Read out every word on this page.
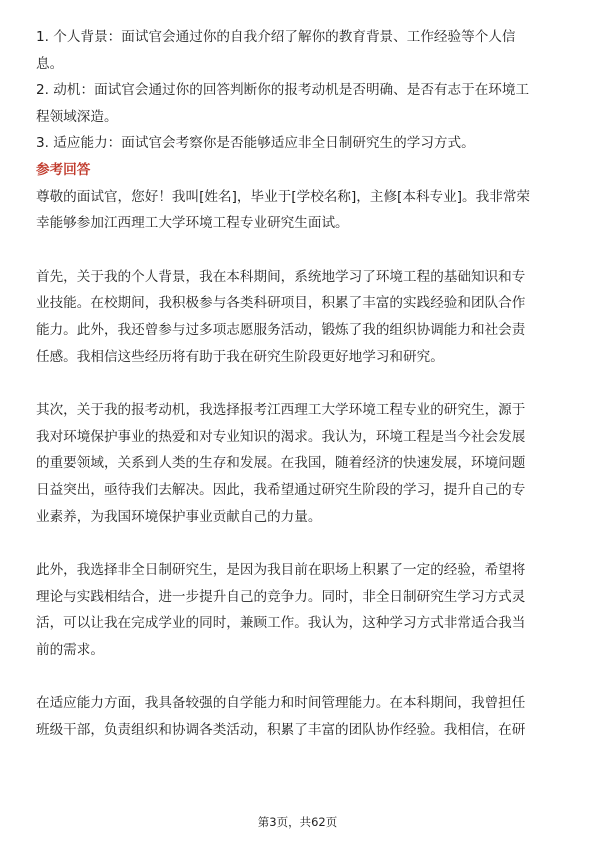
1. 个人背景：面试官会通过你的自我介绍了解你的教育背景、工作经验等个人信
息。
2. 动机：面试官会通过你的回答判断你的报考动机是否明确、是否有志于在环境工
程领域深造。
3. 适应能力：面试官会考察你是否能够适应非全日制研究生的学习方式。
参考回答
尊敬的面试官，您好！我叫[姓名]，毕业于[学校名称]，主修[本科专业]。我非常荣
幸能够参加江西理工大学环境工程专业研究生面试。
首先，关于我的个人背景，我在本科期间，系统地学习了环境工程的基础知识和专
业技能。在校期间，我积极参与各类科研项目，积累了丰富的实践经验和团队合作
能力。此外，我还曾参与过多项志愿服务活动，锻炼了我的组织协调能力和社会责
任感。我相信这些经历将有助于我在研究生阶段更好地学习和研究。
其次，关于我的报考动机，我选择报考江西理工大学环境工程专业的研究生，源于
我对环境保护事业的热爱和对专业知识的渴求。我认为，环境工程是当今社会发展
的重要领域，关系到人类的生存和发展。在我国，随着经济的快速发展，环境问题
日益突出，亟待我们去解决。因此，我希望通过研究生阶段的学习，提升自己的专
业素养，为我国环境保护事业贡献自己的力量。
此外，我选择非全日制研究生，是因为我目前在职场上积累了一定的经验，希望将
理论与实践相结合，进一步提升自己的竞争力。同时，非全日制研究生学习方式灵
活，可以让我在完成学业的同时，兼顾工作。我认为，这种学习方式非常适合我当
前的需求。
在适应能力方面，我具备较强的自学能力和时间管理能力。在本科期间，我曾担任
班级干部，负责组织和协调各类活动，积累了丰富的团队协作经验。我相信，在研
第3页，共62页
